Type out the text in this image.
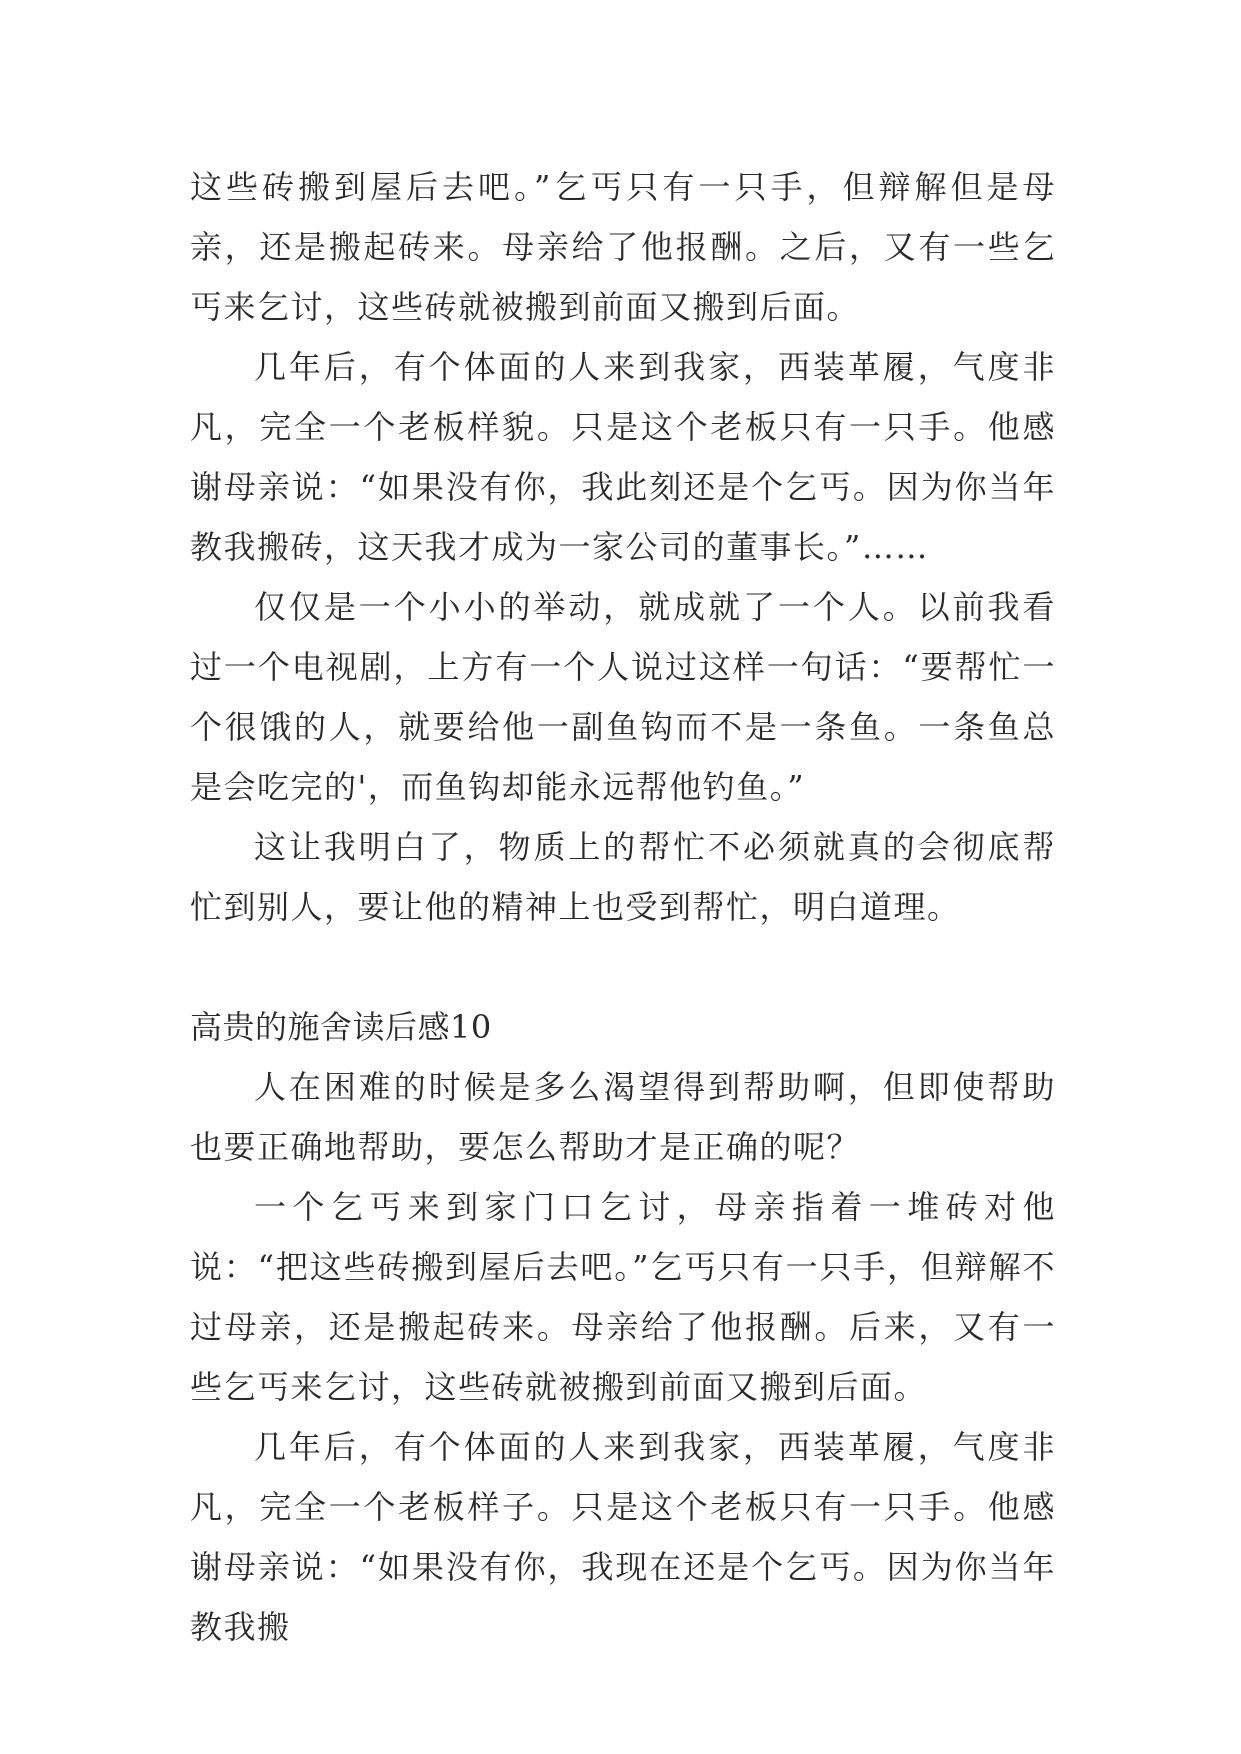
这些砖搬到屋后去吧。”乞丐只有一只手，但辩解但是母亲，还是搬起砖来。母亲给了他报酬。之后，又有一些乞丐来乞讨，这些砖就被搬到前面又搬到后面。

几年后，有个体面的人来到我家，西装革履，气度非凡，完全一个老板样貌。只是这个老板只有一只手。他感谢母亲说：“如果没有你，我此刻还是个乞丐。因为你当年教我搬砖，这天我才成为一家公司的董事长。”……

仅仅是一个小小的举动，就成就了一个人。以前我看过一个电视剧，上方有一个人说过这样一句话：“要帮忙一个很饿的人，就要给他一副鱼钩而不是一条鱼。一条鱼总是会吃完的'，而鱼钩却能永远帮他钓鱼。”

这让我明白了，物质上的帮忙不必须就真的会彻底帮忙到别人，要让他的精神上也受到帮忙，明白道理。

高贵的施舍读后感10

人在困难的时候是多么渴望得到帮助啊，但即使帮助也要正确地帮助，要怎么帮助才是正确的呢？

一个乞丐来到家门口乞讨，母亲指着一堆砖对他说：“把这些砖搬到屋后去吧。”乞丐只有一只手，但辩解不过母亲，还是搬起砖来。母亲给了他报酬。后来，又有一些乞丐来乞讨，这些砖就被搬到前面又搬到后面。

几年后，有个体面的人来到我家，西装革履，气度非凡，完全一个老板样子。只是这个老板只有一只手。他感谢母亲说：“如果没有你，我现在还是个乞丐。因为你当年教我搬
